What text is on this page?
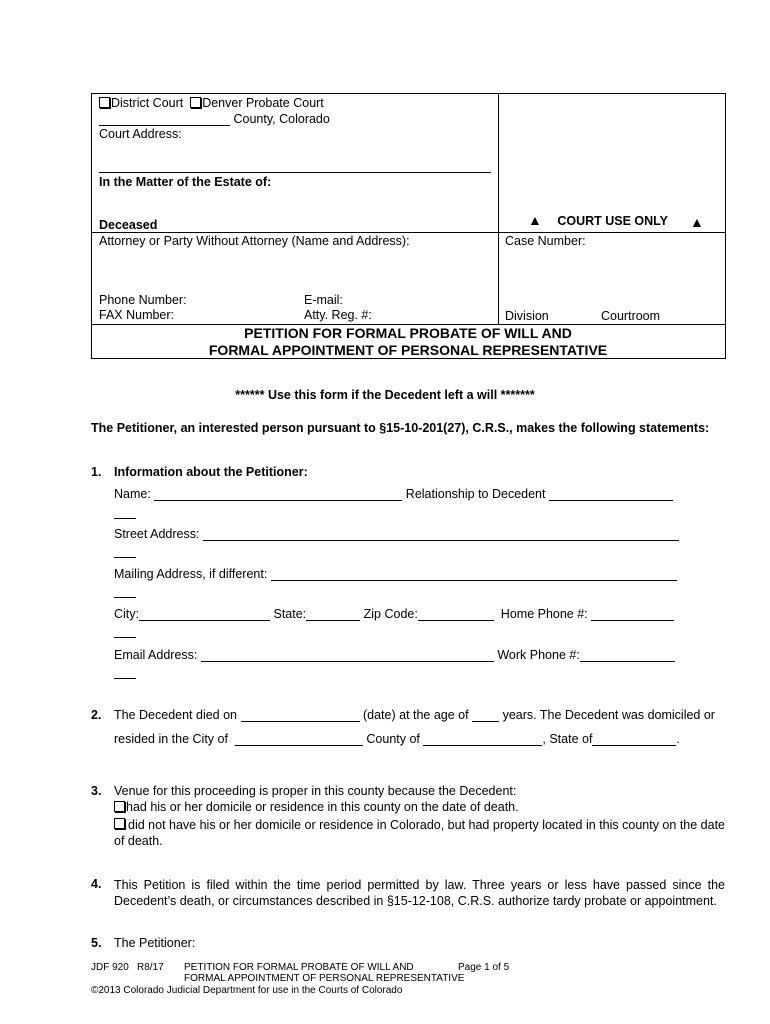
District Court Denver Probate Court
County, Colorado
Court Address:
In the Matter of the Estate of:
Deceased	▲ COURT USE ONLY ▲
Attorney or Party Without Attorney (Name and Address):	Case Number:
Phone Number:	E-mail:
FAX Number:	Atty. Reg. #:	Division	Courtroom
PETITION FOR FORMAL PROBATE OF WILL AND
FORMAL APPOINTMENT OF PERSONAL REPRESENTATIVE
****** Use this form if the Decedent left a will *******
The Petitioner, an interested person pursuant to §15-10-201(27), C.R.S., makes the following statements:
1. Information about the Petitioner:
Name:	Relationship to Decedent
Street Address:
Mailing Address, if different:
City:	State:	Zip Code:	Home Phone #:
Email Address:	Work Phone #:
2. The Decedent died on	(date) at the age of	years. The Decedent was domiciled or
resided in the City of	County of	, State of	.
3. Venue for this proceeding is proper in this county because the Decedent:
had his or her domicile or residence in this county on the date of death.
did not have his or her domicile or residence in Colorado, but had property located in this county on the date of death.
4. This Petition is filed within the time period permitted by law. Three years or less have passed since the Decedent’s death, or circumstances described in §15-12-108, C.R.S. authorize tardy probate or appointment.
5. The Petitioner:
JDF 920 R8/17 PETITION FOR FORMAL PROBATE OF WILL AND	Page 1 of 5
FORMAL APPOINTMENT OF PERSONAL REPRESENTATIVE
©2013 Colorado Judicial Department for use in the Courts of Colorado
